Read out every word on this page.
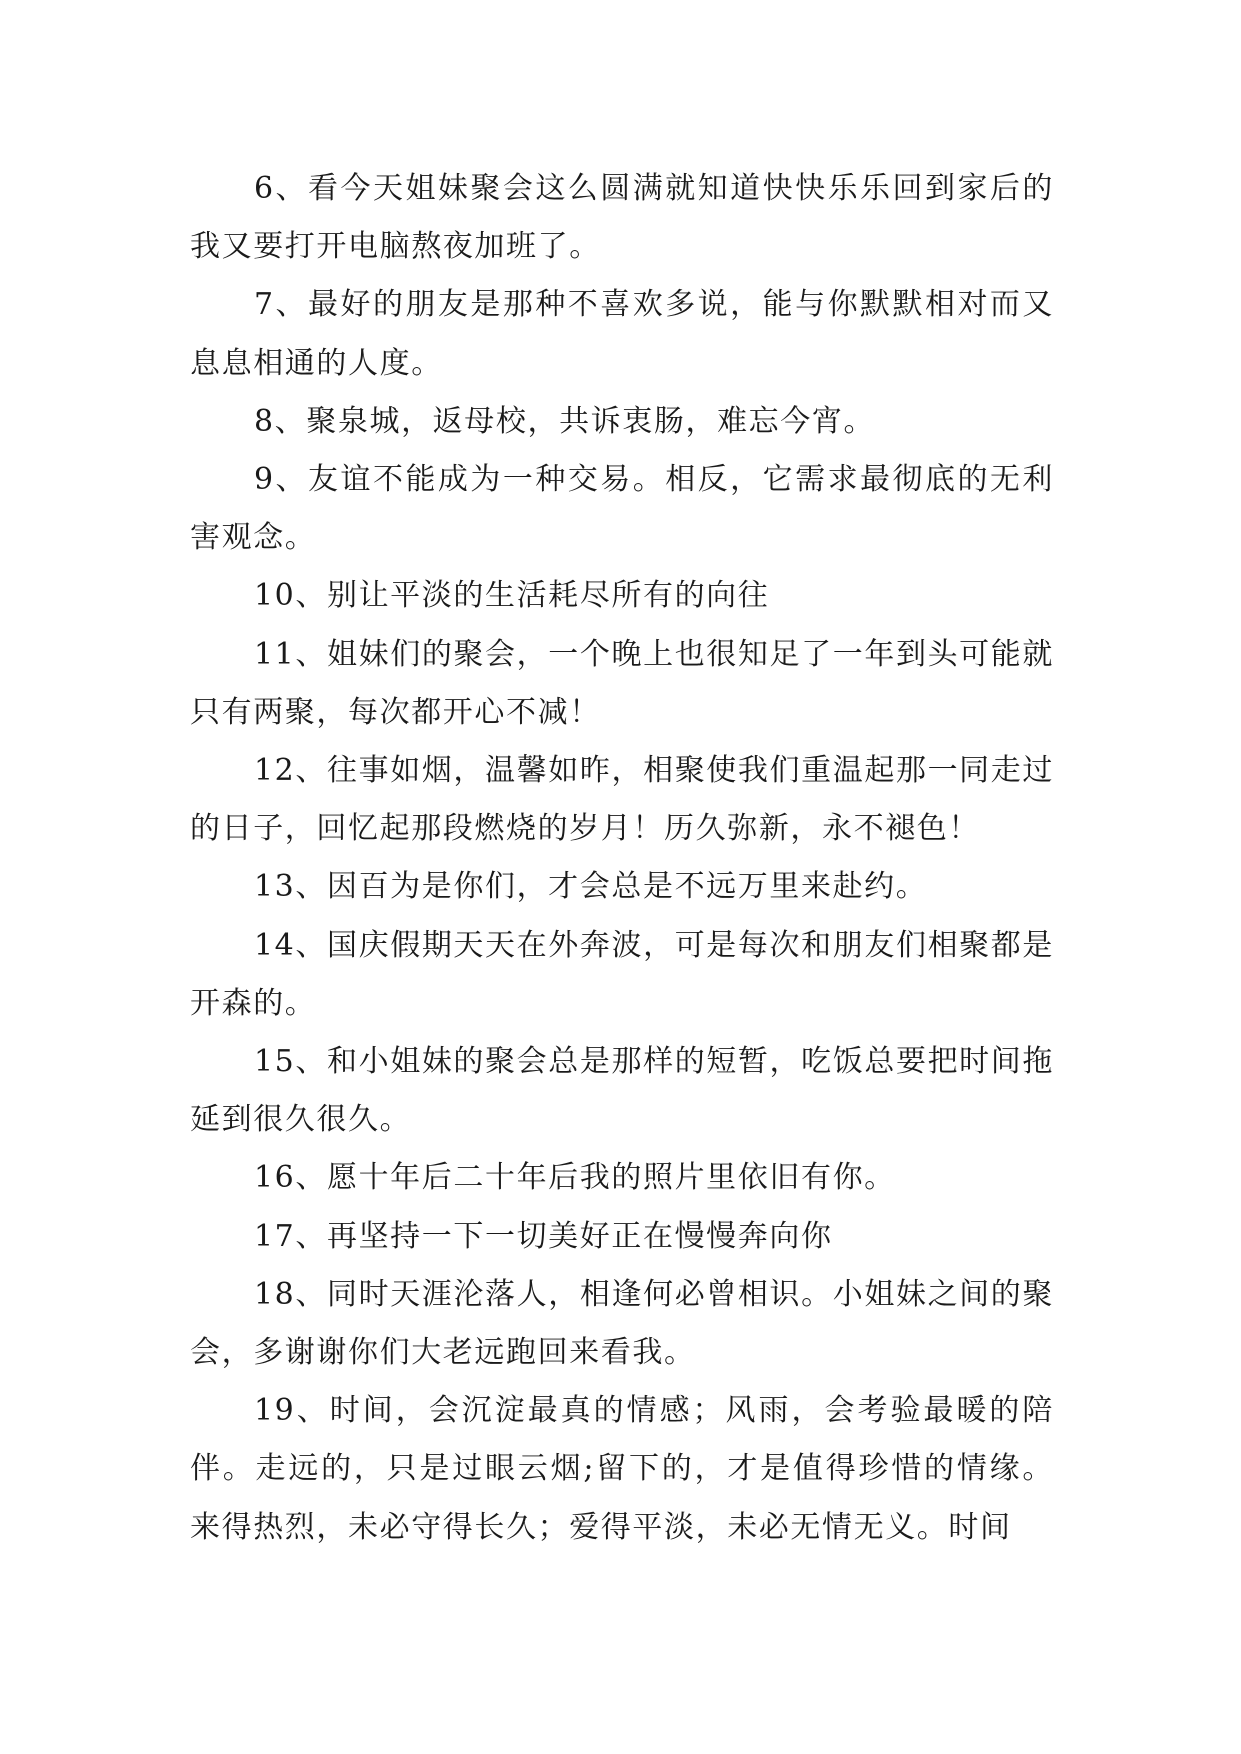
6、看今天姐妹聚会这么圆满就知道快快乐乐回到家后的我又要打开电脑熬夜加班了。

7、最好的朋友是那种不喜欢多说，能与你默默相对而又息息相通的人度。

8、聚泉城，返母校，共诉衷肠，难忘今宵。

9、友谊不能成为一种交易。相反，它需求最彻底的无利害观念。

10、别让平淡的生活耗尽所有的向往

11、姐妹们的聚会，一个晚上也很知足了一年到头可能就只有两聚，每次都开心不减！

12、往事如烟，温馨如昨，相聚使我们重温起那一同走过的日子，回忆起那段燃烧的岁月！历久弥新，永不褪色！

13、因百为是你们，才会总是不远万里来赴约。

14、国庆假期天天在外奔波，可是每次和朋友们相聚都是开森的。

15、和小姐妹的聚会总是那样的短暂，吃饭总要把时间拖延到很久很久。

16、愿十年后二十年后我的照片里依旧有你。

17、再坚持一下一切美好正在慢慢奔向你

18、同时天涯沦落人，相逢何必曾相识。小姐妹之间的聚会，多谢谢你们大老远跑回来看我。

19、时间，会沉淀最真的情感；风雨，会考验最暖的陪伴。走远的，只是过眼云烟;留下的，才是值得珍惜的情缘。来得热烈，未必守得长久；爱得平淡，未必无情无义。时间
